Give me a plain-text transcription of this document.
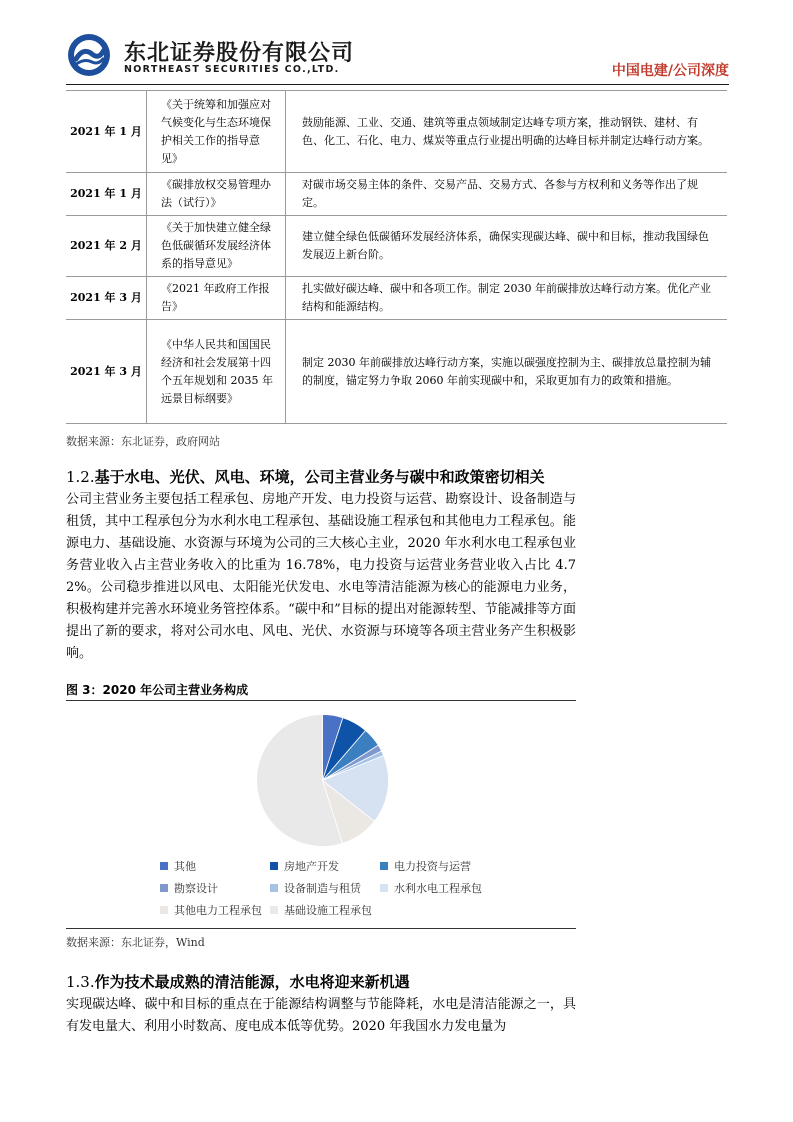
东北证券股份有限公司
NORTHEAST SECURITIES CO.,LTD.	中国电建/公司深度
2021 年 1 月	《关于统筹和加强应对气候变化与生态环境保护相关工作的指导意见》	鼓励能源、工业、交通、建筑等重点领域制定达峰专项方案，推动钢铁、建材、有色、化工、石化、电力、煤炭等重点行业提出明确的达峰目标并制定达峰行动方案。

2021 年 1 月	《碳排放权交易管理办法（试行）》	对碳市场交易主体的条件、交易产品、交易方式、各参与方权利和义务等作出了规定。

2021 年 2 月	《关于加快建立健全绿色低碳循环发展经济体系的指导意见》	建立健全绿色低碳循环发展经济体系，确保实现碳达峰、碳中和目标，推动我国绿色发展迈上新台阶。

2021 年 3 月	《2021 年政府工作报告》	扎实做好碳达峰、碳中和各项工作。制定 2030 年前碳排放达峰行动方案。优化产业结构和能源结构。

2021 年 3 月	《中华人民共和国国民经济和社会发展第十四个五年规划和 2035 年远景目标纲要》	制定 2030 年前碳排放达峰行动方案，实施以碳强度控制为主、碳排放总量控制为辅的制度，锚定努力争取 2060 年前实现碳中和，采取更加有力的政策和措施。
数据来源：东北证券，政府网站
1.2.基于水电、光伏、风电、环境，公司主营业务与碳中和政策密切相关
公司主营业务主要包括工程承包、房地产开发、电力投资与运营、勘察设计、设备制造与租赁，其中工程承包分为水利水电工程承包、基础设施工程承包和其他电力工程承包。能源电力、基础设施、水资源与环境为公司的三大核心主业，2020 年水利水电工程承包业务营业收入占主营业务收入的比重为 16.78%，电力投资与运营业务营业收入占比 4.72%。公司稳步推进以风电、太阳能光伏发电、水电等清洁能源为核心的能源电力业务，积极构建并完善水环境业务管控体系。“碳中和”目标的提出对能源转型、节能减排等方面提出了新的要求，将对公司水电、风电、光伏、水资源与环境等各项主营业务产生积极影响。
图 3：2020 年公司主营业务构成
其他	房地产开发	电力投资与运营
勘察设计	设备制造与租赁	水利水电工程承包
其他电力工程承包	基础设施工程承包
数据来源：东北证券，Wind
1.3.作为技术最成熟的清洁能源，水电将迎来新机遇
实现碳达峰、碳中和目标的重点在于能源结构调整与节能降耗，水电是清洁能源之一，具有发电量大、利用小时数高、度电成本低等优势。2020 年我国水力发电量为
